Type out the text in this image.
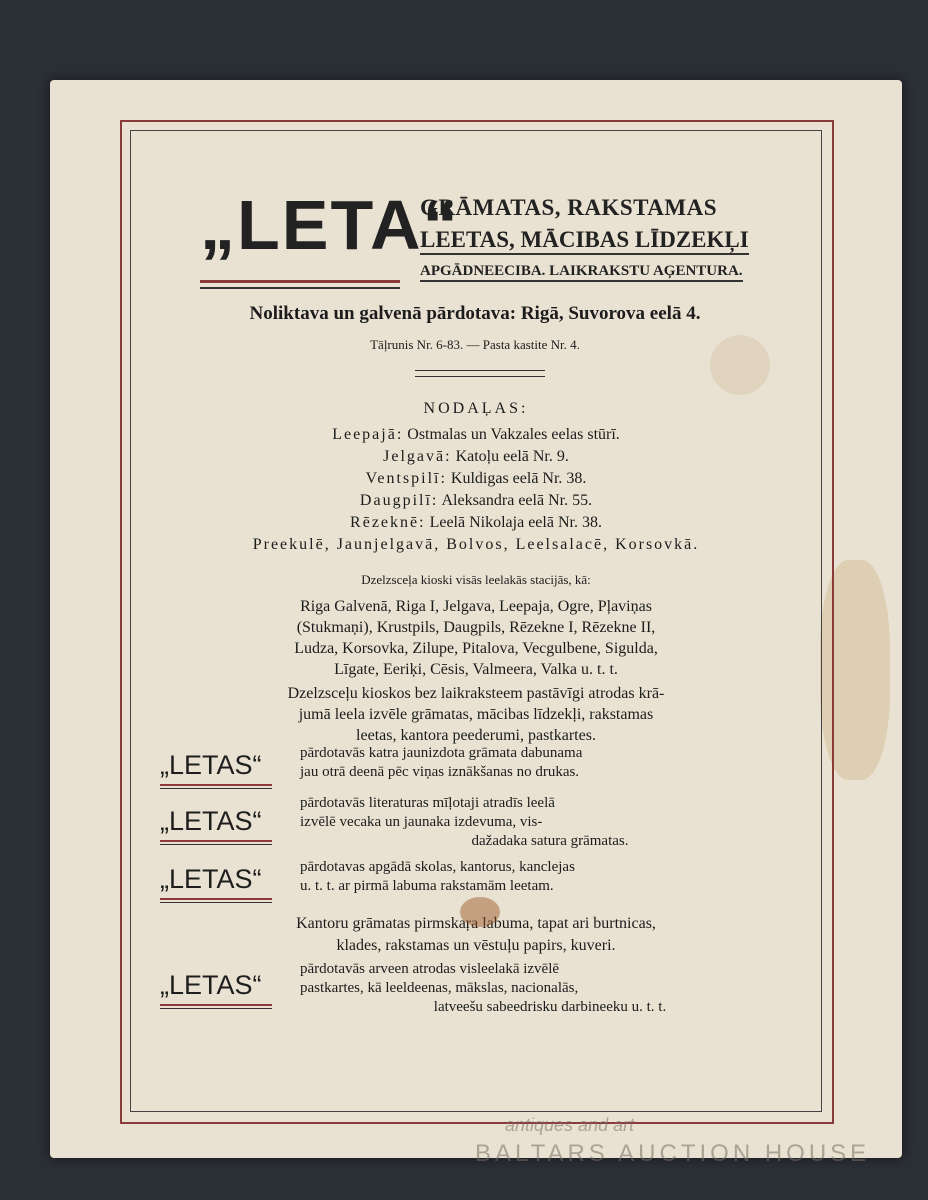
„LETA“
GRĀMATAS, RAKSTAMAS
LEETAS, MĀCIBAS LĪDZEKĻI
APGĀDNEECIBA. LAIKRAKSTU AĢENTURA.
Noliktava un galvenā pārdotava: Rigā, Suvorova eelā 4.
Tāļrunis Nr. 6-83. — Pasta kastite Nr. 4.
NODAĻAS:
Leepajā: Ostmalas un Vakzales eelas stūrī.
Jelgavā: Katoļu eelā Nr. 9.
Ventspilī: Kuldigas eelā Nr. 38.
Daugpilī: Aleksandra eelā Nr. 55.
Rēzeknē: Leelā Nikolaja eelā Nr. 38.
Preekulē, Jaunjelgavā, Bolvos, Leelsalacē, Korsovkā.
Dzelzsceļa kioski visās leelakās stacijās, kā:
Riga Galvenā, Riga I, Jelgava, Leepaja, Ogre, Pļaviņas
(Stukmaņi), Krustpils, Daugpils, Rēzekne I, Rēzekne II,
Ludza, Korsovka, Zilupe, Pitalova, Vecgulbene, Sigulda,
Līgate, Eeriķi, Cēsis, Valmeera, Valka u. t. t.
Dzelzsceļu kioskos bez laikraksteem pastāvīgi atrodas krā-
jumā leela izvēle grāmatas, mācibas līdzekļi, rakstamas
leetas, kantora peederumi, pastkartes.
„LETAS“	pārdotavās katra jaunizdota grāmata dabunama
jau otrā deenā pēc viņas iznākšanas no drukas.
„LETAS“
pārdotavās literaturas mīļotaji atradīs leelā
izvēlē vecaka un jaunaka izdevuma, vis-
dažadaka satura grāmatas.
„LETAS“	pārdotavas apgādā skolas, kantorus, kanclejas
u. t. t. ar pirmā labuma rakstamām leetam.
Kantoru grāmatas pirmskaŗa labuma, tapat ari burtnicas,
klades, rakstamas un vēstuļu papirs, kuveri.
„LETAS“
pārdotavās arveen atrodas visleelakā izvēlē
pastkartes, kā leeldeenas, mākslas, nacionalās,
latveešu sabeedrisku darbineeku u. t. t.
antiques and art
BALTARS AUCTION HOUSE
